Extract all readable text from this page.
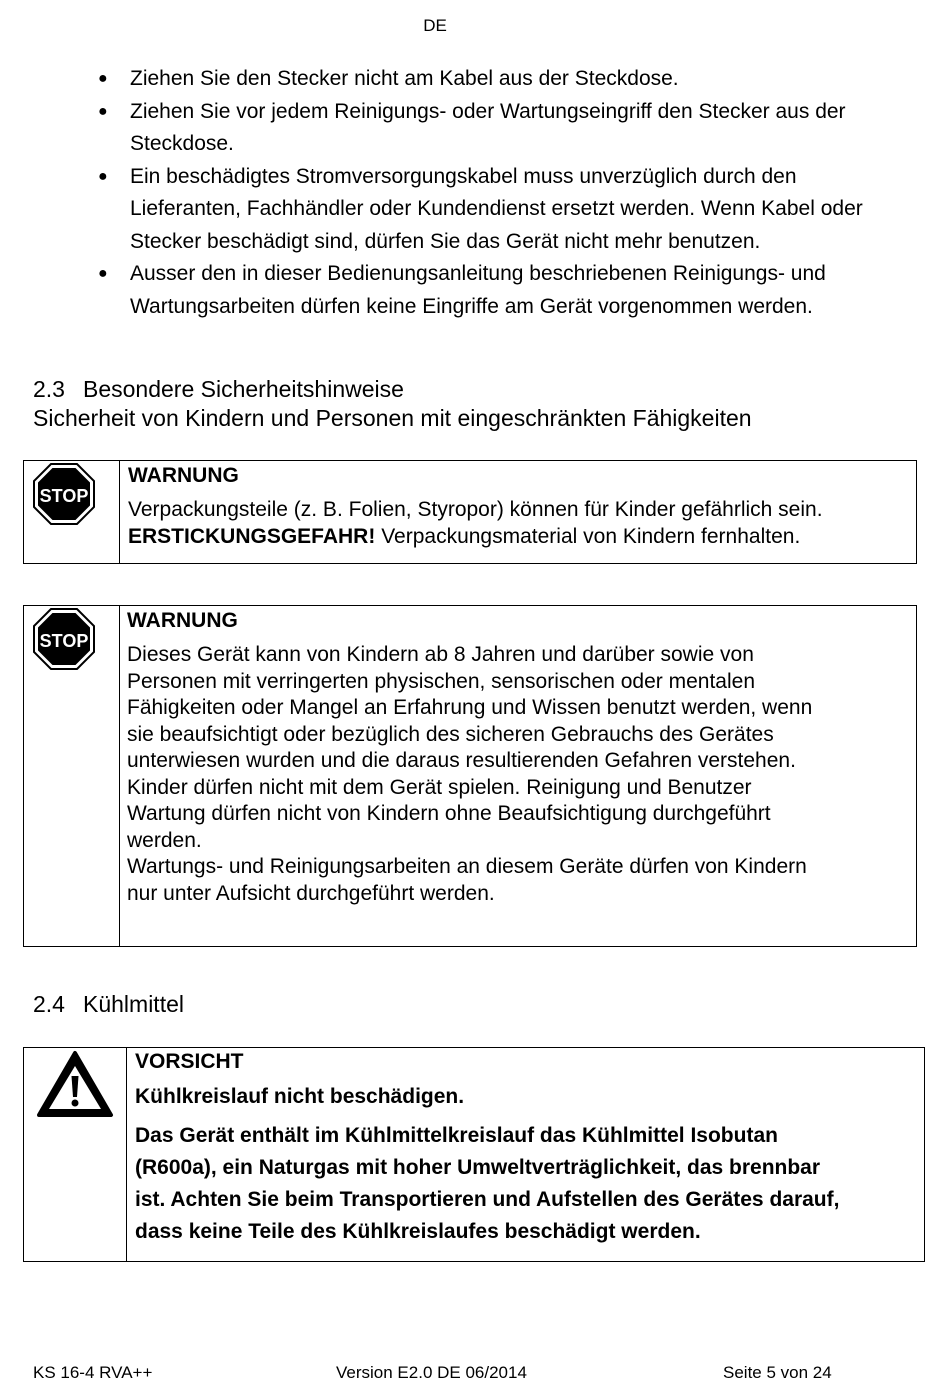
DE
● Ziehen Sie den Stecker nicht am Kabel aus der Steckdose.
● Ziehen Sie vor jedem Reinigungs- oder Wartungseingriff den Stecker aus der Steckdose.
● Ein beschädigtes Stromversorgungskabel muss unverzüglich durch den Lieferanten, Fachhändler oder Kundendienst ersetzt werden. Wenn Kabel oder Stecker beschädigt sind, dürfen Sie das Gerät nicht mehr benutzen.
● Ausser den in dieser Bedienungsanleitung beschriebenen Reinigungs- und Wartungsarbeiten dürfen keine Eingriffe am Gerät vorgenommen werden.
2.3 Besondere Sicherheitshinweise
Sicherheit von Kindern und Personen mit eingeschränkten Fähigkeiten
STOP
WARNUNG
Verpackungsteile (z. B. Folien, Styropor) können für Kinder gefährlich sein.
ERSTICKUNGSGEFAHR! Verpackungsmaterial von Kindern fernhalten.
STOP
WARNUNG
Dieses Gerät kann von Kindern ab 8 Jahren und darüber sowie von
Personen mit verringerten physischen, sensorischen oder mentalen
Fähigkeiten oder Mangel an Erfahrung und Wissen benutzt werden, wenn
sie beaufsichtigt oder bezüglich des sicheren Gebrauchs des Gerätes
unterwiesen wurden und die daraus resultierenden Gefahren verstehen.
Kinder dürfen nicht mit dem Gerät spielen. Reinigung und Benutzer
Wartung dürfen nicht von Kindern ohne Beaufsichtigung durchgeführt
werden.
Wartungs- und Reinigungsarbeiten an diesem Geräte dürfen von Kindern
nur unter Aufsicht durchgeführt werden.
2.4 Kühlmittel
VORSICHT
Kühlkreislauf nicht beschädigen.
Das Gerät enthält im Kühlmittelkreislauf das Kühlmittel Isobutan
(R600a), ein Naturgas mit hoher Umweltverträglichkeit, das brennbar
ist. Achten Sie beim Transportieren und Aufstellen des Gerätes darauf,
dass keine Teile des Kühlkreislaufes beschädigt werden.
KS 16-4 RVA++	Version E2.0 DE 06/2014	Seite 5 von 24
